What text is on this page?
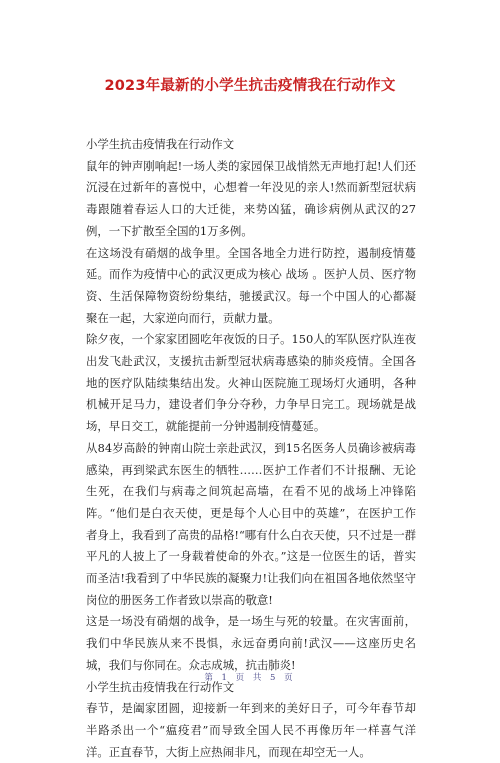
2023年最新的小学生抗击疫情我在行动作文

小学生抗击疫情我在行动作文

鼠年的钟声刚响起!一场人类的家园保卫战悄然无声地打起!人们还沉浸在过新年的喜悦中，心想着一年没见的亲人!然而新型冠状病毒跟随着春运人口的大迁徙，来势凶猛，确诊病例从武汉的27例，一下扩散至全国的1万多例。

在这场没有硝烟的战争里。全国各地全力进行防控，遏制疫情蔓延。而作为疫情中心的武汉更成为核心 战场 。医护人员、医疗物资、生活保障物资纷纷集结，驰援武汉。每一个中国人的心都凝聚在一起，大家逆向而行，贡献力量。

除夕夜，一个家家团圆吃年夜饭的日子。150人的军队医疗队连夜出发飞赴武汉，支援抗击新型冠状病毒感染的肺炎疫情。全国各地的医疗队陆续集结出发。火神山医院施工现场灯火通明，各种机械开足马力，建设者们争分夺秒，力争早日完工。现场就是战场，早日交工，就能提前一分钟遏制疫情蔓延。

从84岁高龄的钟南山院士亲赴武汉，到15名医务人员确诊被病毒感染，再到梁武东医生的牺牲……医护工作者们不计报酬、无论生死，在我们与病毒之间筑起高墙，在看不见的战场上冲锋陷阵。“他们是白衣天使，更是每个人心目中的英雄”，在医护工作者身上，我看到了高贵的品格!“哪有什么白衣天使，只不过是一群平凡的人披上了一身载着使命的外衣。”这是一位医生的话，普实而圣洁!我看到了中华民族的凝聚力!让我们向在祖国各地依然坚守岗位的册医务工作者致以崇高的敬意!

这是一场没有硝烟的战争，是一场生与死的较量。在灾害面前，我们中华民族从来不畏惧，永远奋勇向前!武汉——这座历史名城，我们与你同在。众志成城，抗击肺炎!

小学生抗击疫情我在行动作文

春节，是阖家团圆，迎接新一年到来的美好日子，可今年春节却半路杀出一个“瘟疫君”而导致全国人民不再像历年一样喜气洋洋。正直春节，大街上应热闹非凡，而现在却空无一人。

第 1 页 共 5 页
